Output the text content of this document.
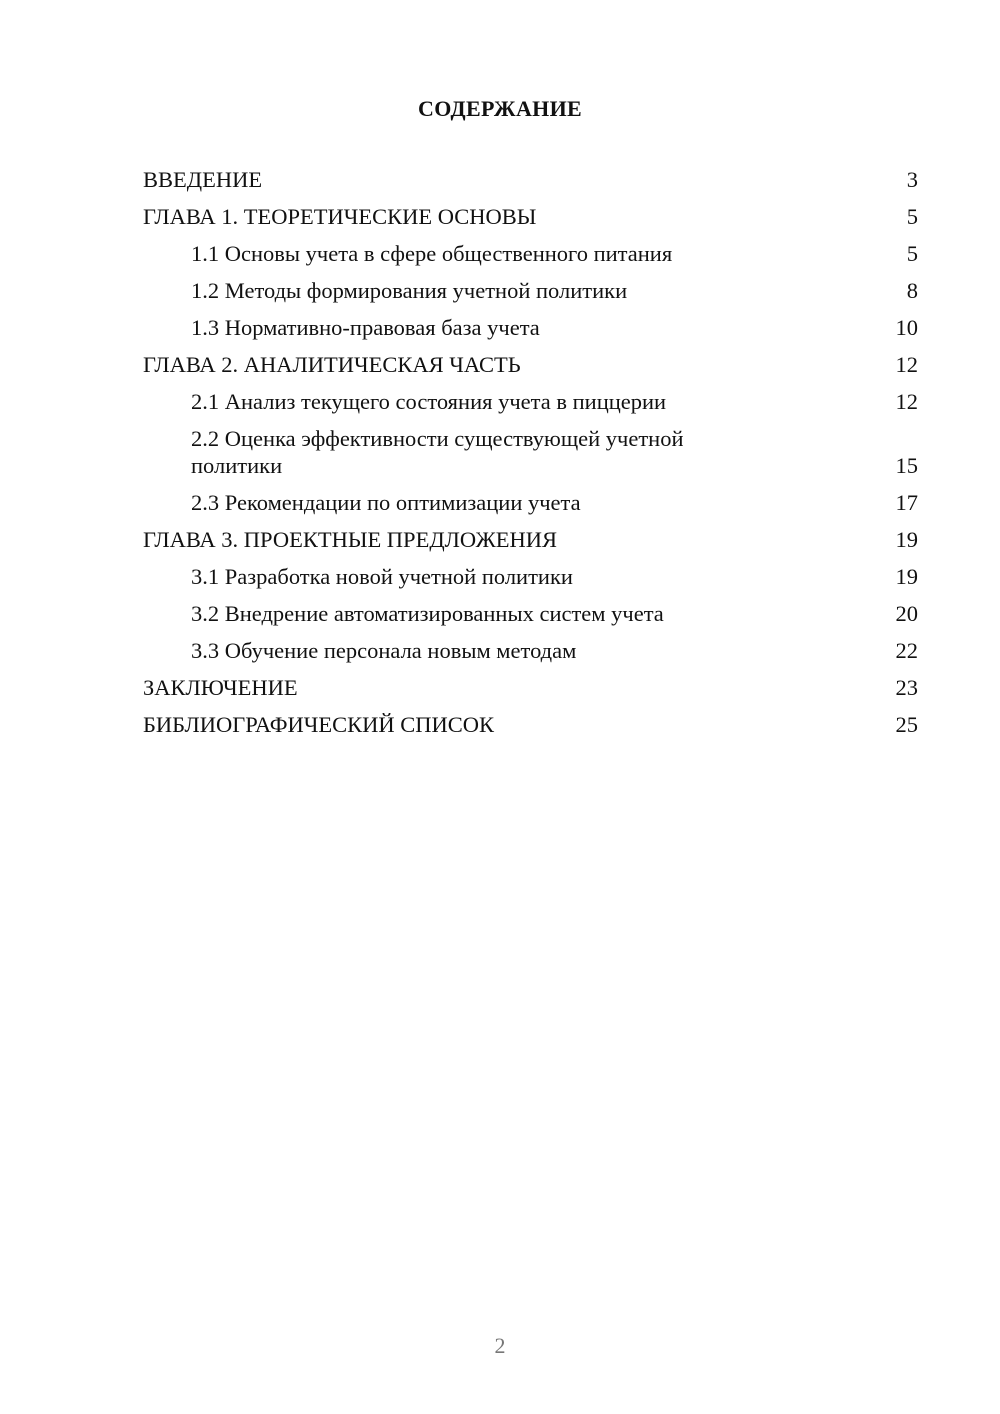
СОДЕРЖАНИЕ
ВВЕДЕНИЕ	3
ГЛАВА 1. ТЕОРЕТИЧЕСКИЕ ОСНОВЫ	5
1.1 Основы учета в сфере общественного питания	5
1.2 Методы формирования учетной политики	8
1.3 Нормативно-правовая база учета	10
ГЛАВА 2. АНАЛИТИЧЕСКАЯ ЧАСТЬ	12
2.1 Анализ текущего состояния учета в пиццерии	12
2.2 Оценка эффективности существующей учетной политики	15
2.3 Рекомендации по оптимизации учета	17
ГЛАВА 3. ПРОЕКТНЫЕ ПРЕДЛОЖЕНИЯ	19
3.1 Разработка новой учетной политики	19
3.2 Внедрение автоматизированных систем учета	20
3.3 Обучение персонала новым методам	22
ЗАКЛЮЧЕНИЕ	23
БИБЛИОГРАФИЧЕСКИЙ СПИСОК	25
2
